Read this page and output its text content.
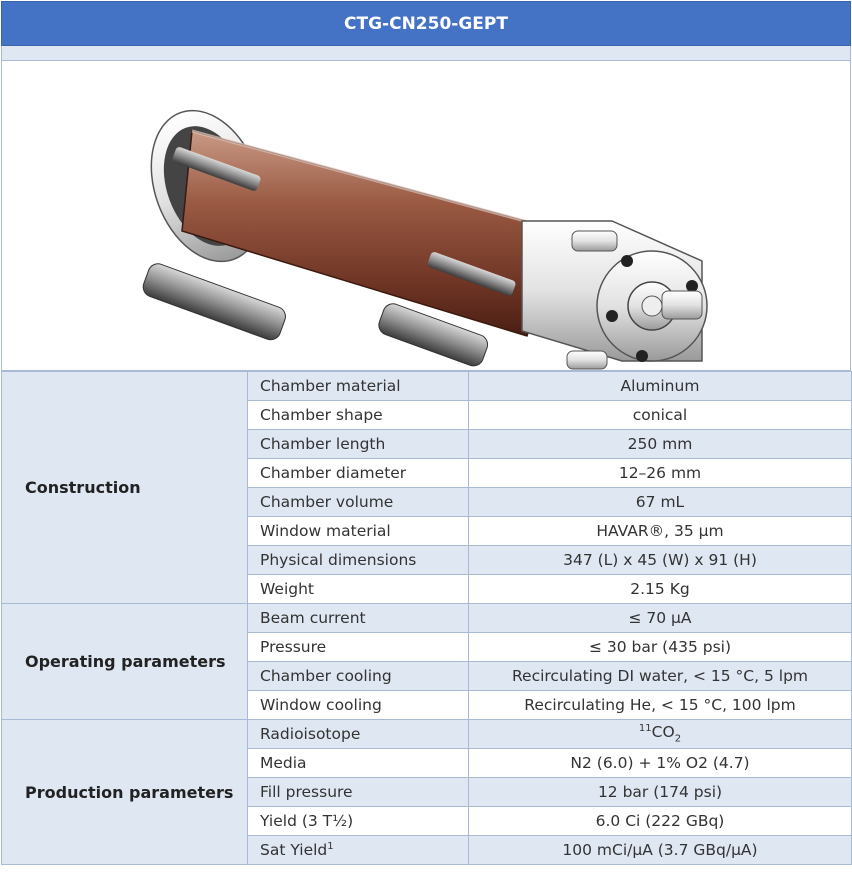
CTG-CN250-GEPT
Construction	Chamber material	Aluminum
	Chamber shape	conical
	Chamber length	250 mm
	Chamber diameter	12–26 mm
	Chamber volume	67 mL
	Window material	HAVAR®, 35 µm
	Physical dimensions	347 (L) x 45 (W) x 91 (H)
	Weight	2.15 Kg
Operating parameters	Beam current	≤ 70 µA
	Pressure	≤ 30 bar (435 psi)
	Chamber cooling	Recirculating DI water, < 15 °C, 5 lpm
	Window cooling	Recirculating He, < 15 °C, 100 lpm
Production parameters	Radioisotope	$^{11}CO_2$
	Media	N2 (6.0) + 1% O2 (4.7)
	Fill pressure	12 bar (174 psi)
	Yield (3 T½)	6.0 Ci (222 GBq)
	Sat Yield$^1$	100 mCi/µA (3.7 GBq/µA)
